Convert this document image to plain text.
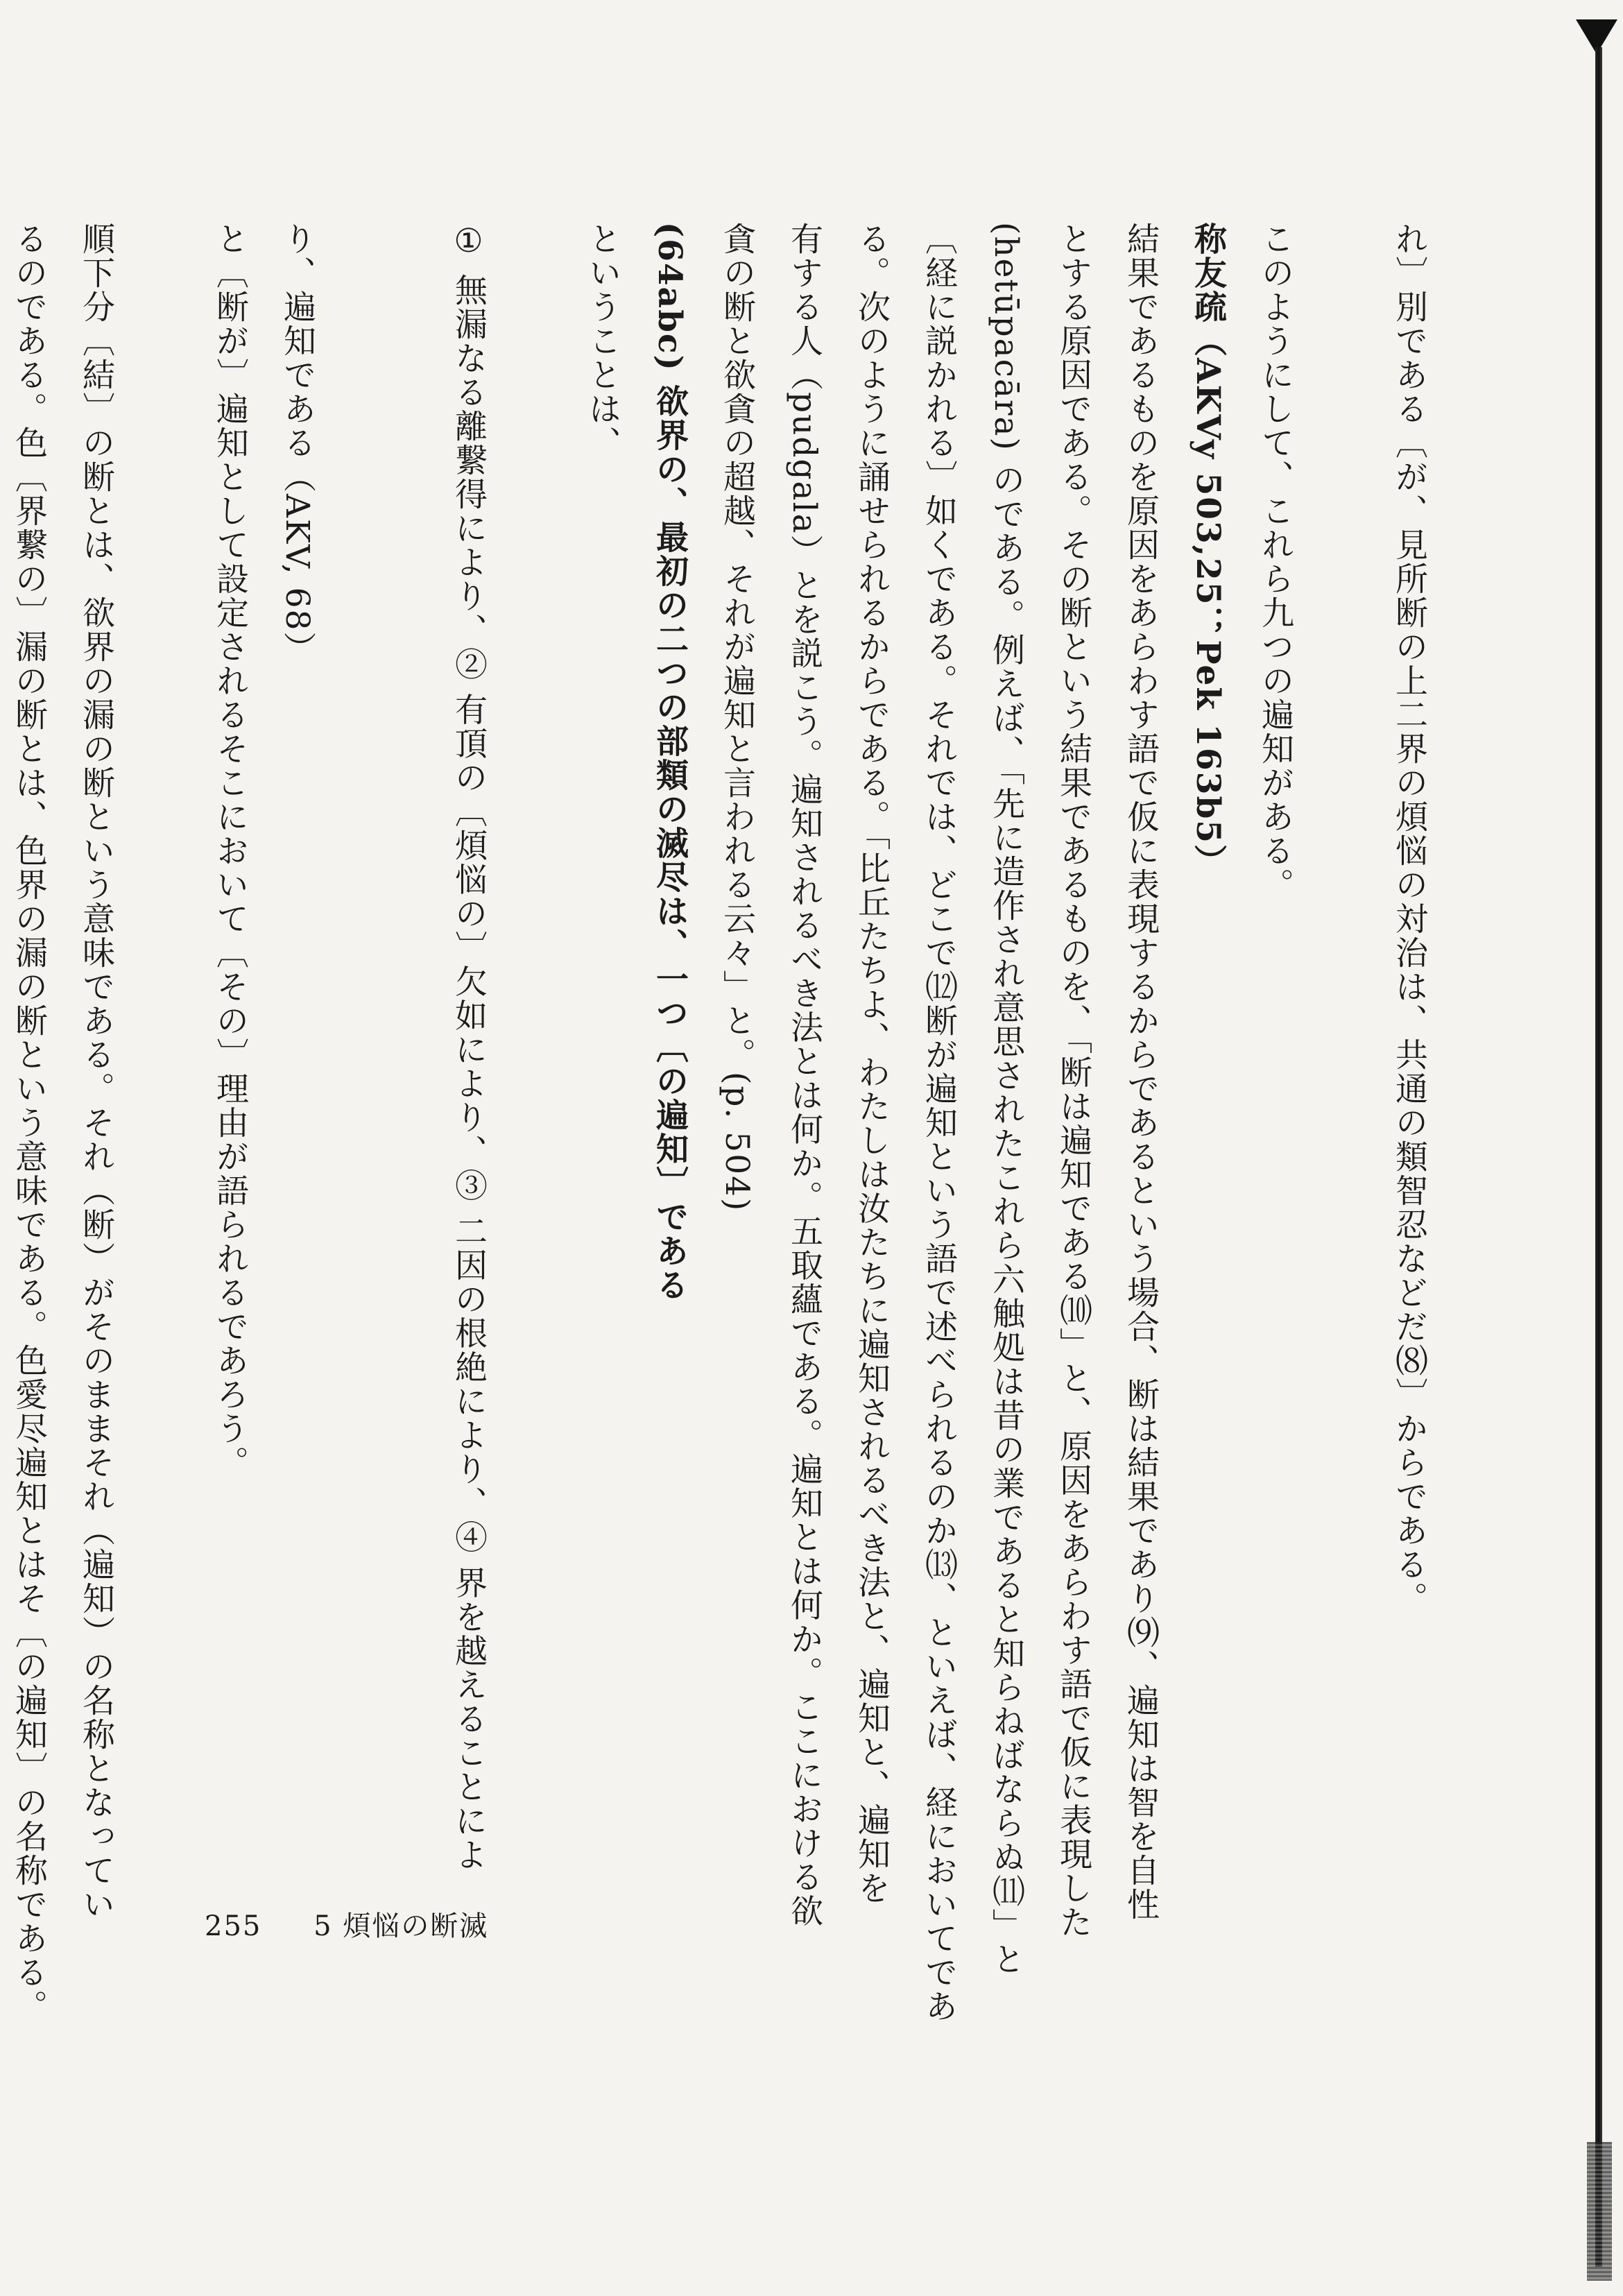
れ〕別である〔が、見所断の上二界の煩悩の対治は、共通の類智忍などだ⑻〕からである。
このようにして、これら九つの遍知がある。
称友疏（AKVy 503,25；Pek 163b5）
結果であるものを原因をあらわす語で仮に表現するからであるという場合、断は結果であり⑼、遍知は智を自性
とする原因である。その断という結果であるものを、「断は遍知である⑽」と、原因をあらわす語で仮に表現した
(hetūpacāra) のである。例えば、「先に造作され意思されたこれら六触処は昔の業であると知らねばならぬ⑾」と
〔経に説かれる〕如くである。それでは、どこで⑿断が遍知という語で述べられるのか⒀、といえば、経においてであ
る。次のように誦せられるからである。「比丘たちよ、わたしは汝たちに遍知されるべき法と、遍知と、遍知を
有する人（pudgala）とを説こう。遍知されるべき法とは何か。五取蘊である。遍知とは何か。ここにおける欲
貪の断と欲貪の超越、それが遍知と言われる云々」と。(p. 504)
(64abc) 欲界の、最初の二つの部類の滅尽は、一つ〔の遍知〕である
ということは、
① 無漏なる離繋得により、② 有頂の〔煩悩の〕欠如により、③ 二因の根絶により、④ 界を越えることによ
り、遍知である（AKV, 68）
と〔断が〕遍知として設定されるそこにおいて〔その〕理由が語られるであろう。
順下分〔結〕の断とは、欲界の漏の断という意味である。それ（断）がそのままそれ（遍知）の名称となってい
るのである。色〔界繋の〕漏の断とは、色界の漏の断という意味である。色愛尽遍知とはそ〔の遍知〕の名称である。	255 5 煩悩の断滅
